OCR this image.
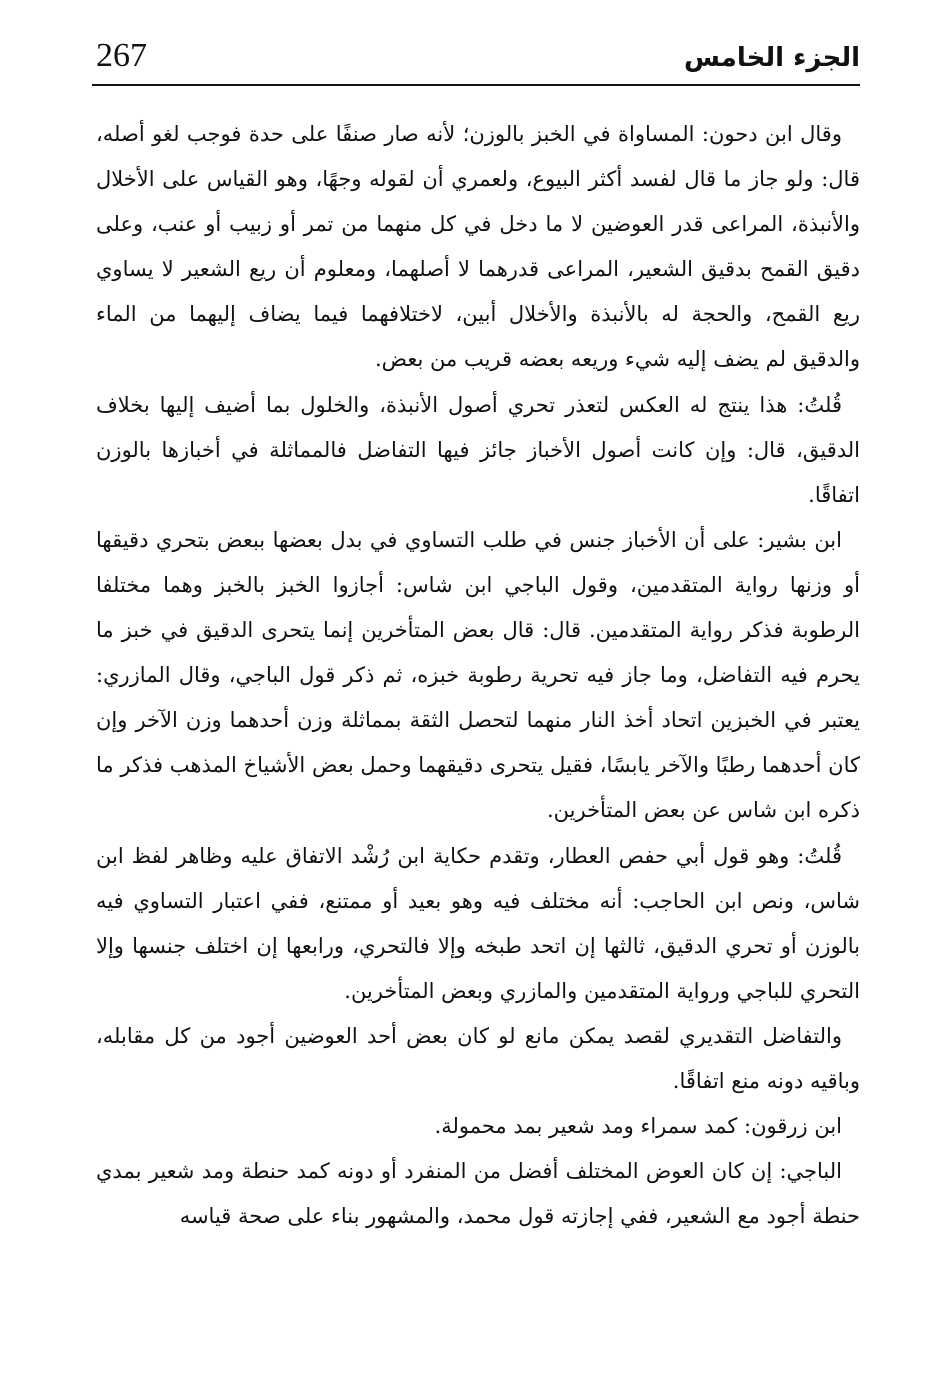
267	الجزء الخامس

وقال ابن دحون: المساواة في الخبز بالوزن؛ لأنه صار صنفًا على حدة فوجب لغو أصله، قال: ولو جاز ما قال لفسد أكثر البيوع، ولعمري أن لقوله وجهًا، وهو القياس على الأخلال والأنبذة، المراعى قدر العوضين لا ما دخل في كل منهما من تمر أو زبيب أو عنب، وعلى دقيق القمح بدقيق الشعير، المراعى قدرهما لا أصلهما، ومعلوم أن ريع الشعير لا يساوي ريع القمح، والحجة له بالأنبذة والأخلال أبين، لاختلافهما فيما يضاف إليهما من الماء والدقيق لم يضف إليه شيء وريعه بعضه قريب من بعض.

قُلتُ: هذا ينتج له العكس لتعذر تحري أصول الأنبذة، والخلول بما أضيف إليها بخلاف الدقيق، قال: وإن كانت أصول الأخباز جائز فيها التفاضل فالمماثلة في أخبازها بالوزن اتفاقًا.

ابن بشير: على أن الأخباز جنس في طلب التساوي في بدل بعضها ببعض بتحري دقيقها أو وزنها رواية المتقدمين، وقول الباجي ابن شاس: أجازوا الخبز بالخبز وهما مختلفا الرطوبة فذكر رواية المتقدمين. قال: قال بعض المتأخرين إنما يتحرى الدقيق في خبز ما يحرم فيه التفاضل، وما جاز فيه تحرية رطوبة خبزه، ثم ذكر قول الباجي، وقال المازري: يعتبر في الخبزين اتحاد أخذ النار منهما لتحصل الثقة بمماثلة وزن أحدهما وزن الآخر وإن كان أحدهما رطبًا والآخر يابسًا، فقيل يتحرى دقيقهما وحمل بعض الأشياخ المذهب فذكر ما ذكره ابن شاس عن بعض المتأخرين.

قُلتُ: وهو قول أبي حفص العطار، وتقدم حكاية ابن رُشْد الاتفاق عليه وظاهر لفظ ابن شاس، ونص ابن الحاجب: أنه مختلف فيه وهو بعيد أو ممتنع، ففي اعتبار التساوي فيه بالوزن أو تحري الدقيق، ثالثها إن اتحد طبخه وإلا فالتحري، ورابعها إن اختلف جنسها وإلا التحري للباجي ورواية المتقدمين والمازري وبعض المتأخرين.

والتفاضل التقديري لقصد يمكن مانع لو كان بعض أحد العوضين أجود من كل مقابله، وباقيه دونه منع اتفاقًا.

ابن زرقون: كمد سمراء ومد شعير بمد محمولة.

الباجي: إن كان العوض المختلف أفضل من المنفرد أو دونه كمد حنطة ومد شعير بمدي حنطة أجود مع الشعير، ففي إجازته قول محمد، والمشهور بناء على صحة قياسه
